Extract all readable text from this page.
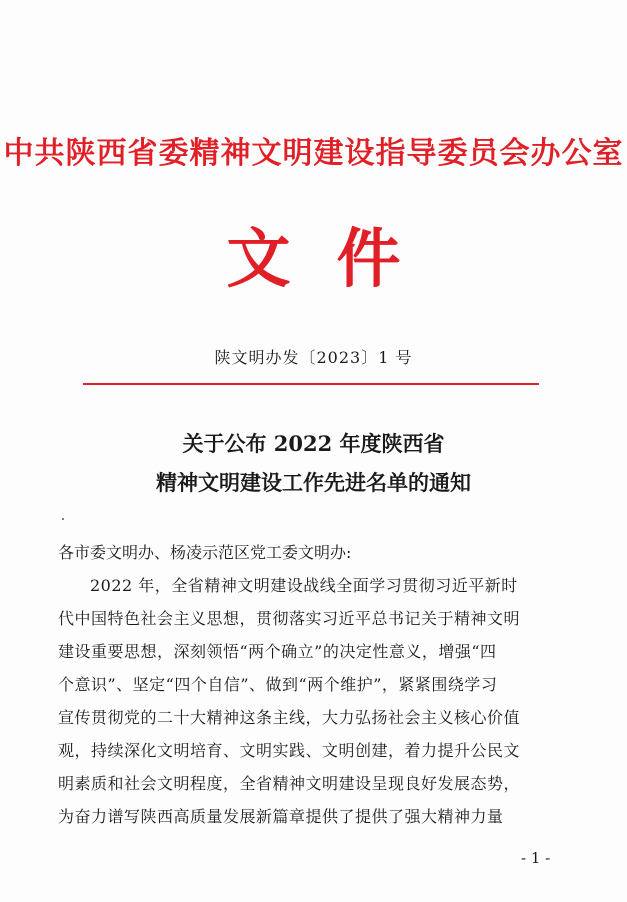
中共陕西省委精神文明建设指导委员会办公室
文件
陕文明办发〔2023〕1 号
关于公布 2022 年度陕西省
精神文明建设工作先进名单的通知
各市委文明办、杨凌示范区党工委文明办:
2022 年，全省精神文明建设战线全面学习贯彻习近平新时
代中国特色社会主义思想，贯彻落实习近平总书记关于精神文明
建设重要思想，深刻领悟“两个确立”的决定性意义，增强“四
个意识”、坚定“四个自信”、做到“两个维护”，紧紧围绕学习
宣传贯彻党的二十大精神这条主线，大力弘扬社会主义核心价值
观，持续深化文明培育、文明实践、文明创建，着力提升公民文
明素质和社会文明程度，全省精神文明建设呈现良好发展态势，
为奋力谱写陕西高质量发展新篇章提供了提供了强大精神力量
- 1 -
